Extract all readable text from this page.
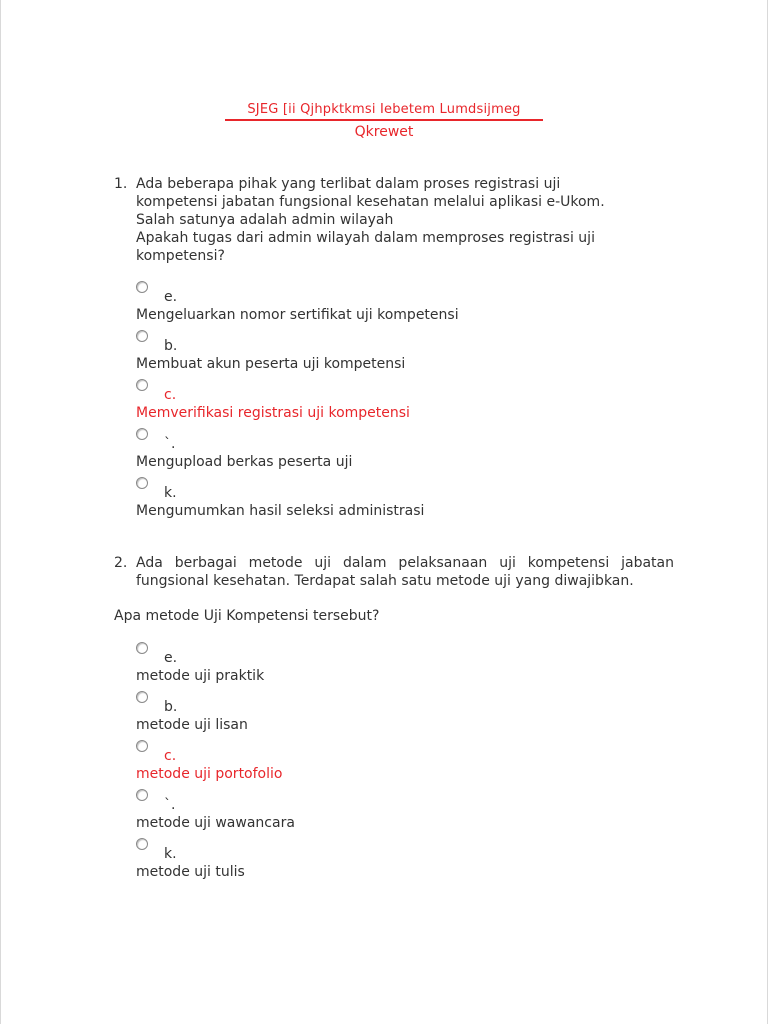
SJEG [ii Qjhpktkmsi Iebetem Lumdsijmeg
Qkrewet
1. Ada beberapa pihak yang terlibat dalam proses registrasi uji
kompetensi jabatan fungsional kesehatan melalui aplikasi e-Ukom.
Salah satunya adalah admin wilayah
Apakah tugas dari admin wilayah dalam memproses registrasi uji
kompetensi?
e.
Mengeluarkan nomor sertifikat uji kompetensi
b.
Membuat akun peserta uji kompetensi
c.
Memverifikasi registrasi uji kompetensi
`.
Mengupload berkas peserta uji
k.
Mengumumkan hasil seleksi administrasi
2. Ada berbagai metode uji dalam pelaksanaan uji kompetensi jabatan fungsional kesehatan. Terdapat salah satu metode uji yang diwajibkan.
Apa metode Uji Kompetensi tersebut?
e.
metode uji praktik
b.
metode uji lisan
c.
metode uji portofolio
`.
metode uji wawancara
k.
metode uji tulis
